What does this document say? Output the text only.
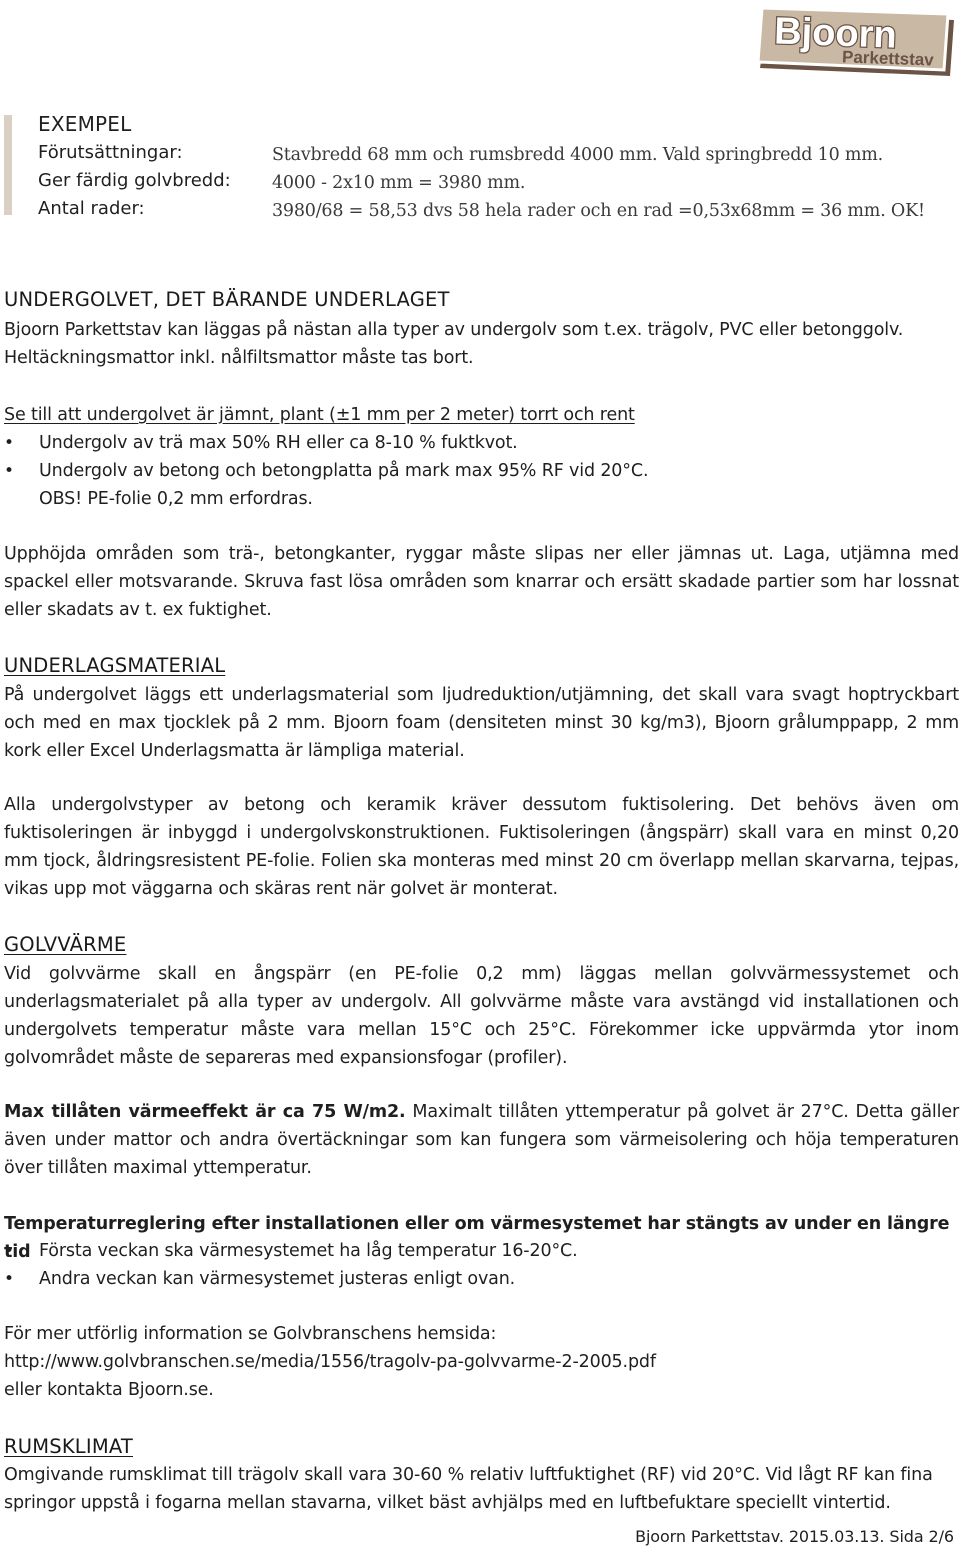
Bjoorn
Parkettstav
EXEMPEL
Förutsättningar:	Stavbredd 68 mm och rumsbredd 4000 mm. Vald springbredd 10 mm.
Ger färdig golvbredd: 4000 - 2x10 mm = 3980 mm.
Antal rader:	3980/68 = 58,53 dvs 58 hela rader och en rad =0,53x68mm = 36 mm. OK!
UNDERGOLVET, DET BÄRANDE UNDERLAGET

Bjoorn Parkettstav kan läggas på nästan alla typer av undergolv som t.ex. trägolv, PVC eller betonggolv.

Heltäckningsmattor inkl. nålfiltsmattor måste tas bort.

Se till att undergolvet är jämnt, plant (±1 mm per 2 meter) torrt och rent

• Undergolv av trä max 50% RH eller ca 8-10 % fuktkvot.
• Undergolv av betong och betongplatta på mark max 95% RF vid 20°C.
OBS! PE-folie 0,2 mm erfordras.

Upphöjda områden som trä-, betongkanter, ryggar måste slipas ner eller jämnas ut. Laga, utjämna med spackel eller motsvarande. Skruva fast lösa områden som knarrar och ersätt skadade partier som har lossnat eller skadats av t. ex fuktighet.

UNDERLAGSMATERIAL

På undergolvet läggs ett underlagsmaterial som ljudreduktion/utjämning, det skall vara svagt hoptryckbart och med en max tjocklek på 2 mm. Bjoorn foam (densiteten minst 30 kg/m3), Bjoorn grålumppapp, 2 mm kork eller Excel Underlagsmatta är lämpliga material.

Alla undergolvstyper av betong och keramik kräver dessutom fuktisolering. Det behövs även om fuktisoleringen är inbyggd i undergolvskonstruktionen. Fuktisoleringen (ångspärr) skall vara en minst 0,20 mm tjock, åldringsresistent PE-folie. Folien ska monteras med minst 20 cm överlapp mellan skarvarna, tejpas, vikas upp mot väggarna och skäras rent när golvet är monterat.

GOLVVÄRME

Vid golvvärme skall en ångspärr (en PE-folie 0,2 mm) läggas mellan golvvärmessystemet och underlagsmaterialet på alla typer av undergolv. All golvvärme måste vara avstängd vid installationen och undergolvets temperatur måste vara mellan 15°C och 25°C. Förekommer icke uppvärmda ytor inom golvområdet måste de separeras med expansionsfogar (profiler).

Max tillåten värmeeffekt är ca 75 W/m2. Maximalt tillåten yttemperatur på golvet är 27°C. Detta gäller även under mattor och andra övertäckningar som kan fungera som värmeisolering och höja temperaturen över tillåten maximal yttemperatur.

Temperaturreglering efter installationen eller om värmesystemet har stängts av under en längre tid

• Första veckan ska värmesystemet ha låg temperatur 16-20°C.
• Andra veckan kan värmesystemet justeras enligt ovan.

För mer utförlig information se Golvbranschens hemsida:

http://www.golvbranschen.se/media/1556/tragolv-pa-golvvarme-2-2005.pdf

eller kontakta Bjoorn.se.

RUMSKLIMAT

Omgivande rumsklimat till trägolv skall vara 30-60 % relativ luftfuktighet (RF) vid 20°C. Vid lågt RF kan fina springor uppstå i fogarna mellan stavarna, vilket bäst avhjälps med en luftbefuktare speciellt vintertid.

Bjoorn Parkettstav. 2015.03.13. Sida 2/6
